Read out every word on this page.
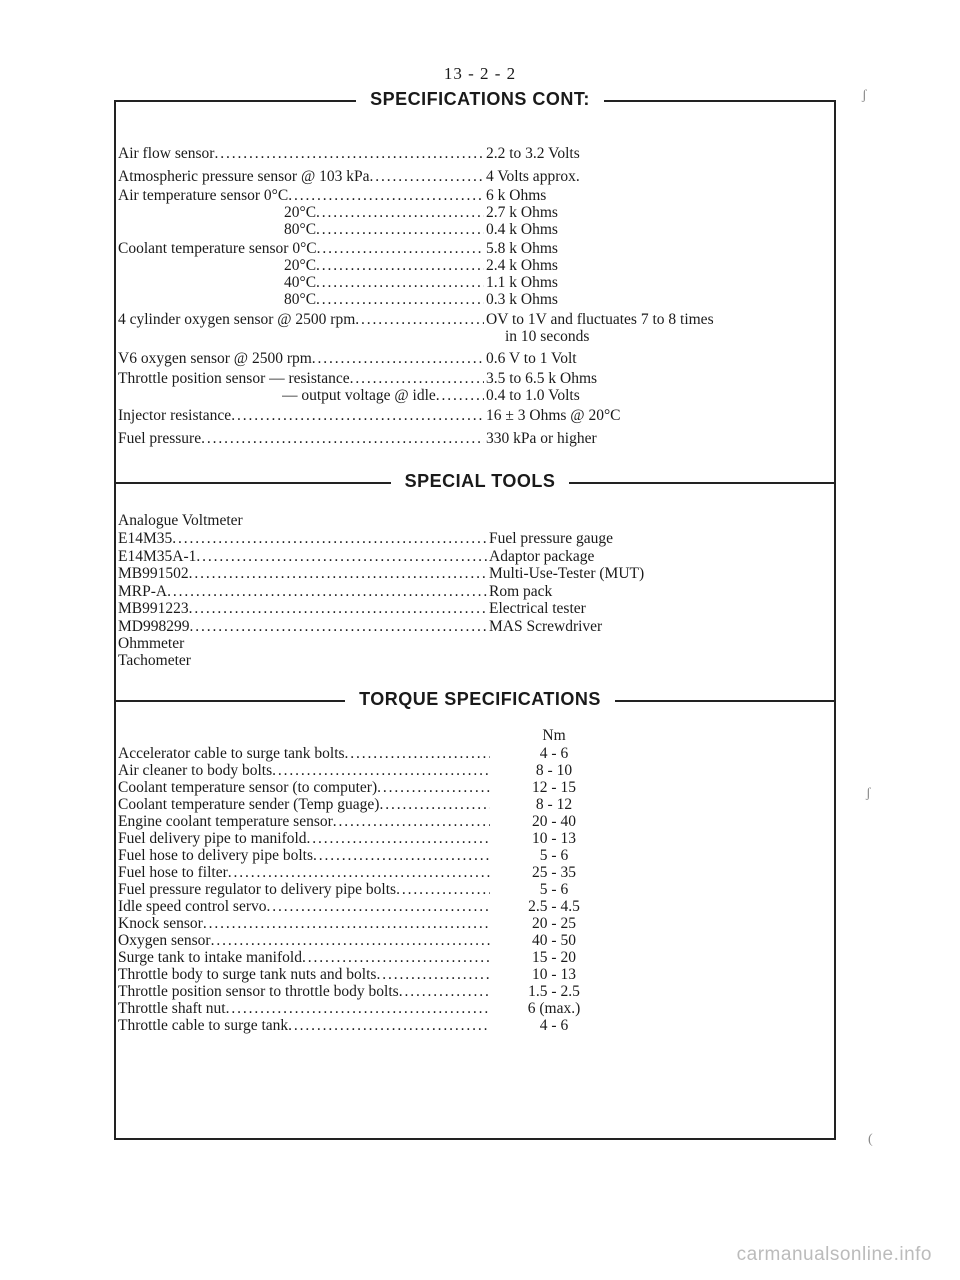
13 - 2 - 2
SPECIFICATIONS CONT:
Air flow sensor . . .	2.2 to 3.2 Volts
Atmospheric pressure sensor @ 103 kPa . . .	4 Volts approx.
Air temperature sensor 0°C . . .	6 k Ohms
20°C . . .	2.7 k Ohms
80°C . . .	0.4 k Ohms
Coolant temperature sensor 0°C . . .	5.8 k Ohms
20°C . . .	2.4 k Ohms
40°C . . .	1.1 k Ohms
80°C . . .	0.3 k Ohms
4 cylinder oxygen sensor @ 2500 rpm . . .	OV to 1V and fluctuates 7 to 8 times
in 10 seconds
V6 oxygen sensor @ 2500 rpm . . .	0.6 V to 1 Volt
Throttle position sensor — resistance . . .	3.5 to 6.5 k Ohms
— output voltage @ idle . . .	0.4 to 1.0 Volts
Injector resistance . . .	16 ± 3 Ohms @ 20°C
Fuel pressure . . .	330 kPa or higher
SPECIAL TOOLS
Analogue Voltmeter
E14M35 . . .	Fuel pressure gauge
E14M35A-1 . . .	Adaptor package
MB991502 . . .	Multi-Use-Tester (MUT)
MRP-A . . .	Rom pack
MB991223 . . .	Electrical tester
MD998299 . . .	MAS Screwdriver
Ohmmeter
Tachometer
TORQUE SPECIFICATIONS
Nm
Accelerator cable to surge tank bolts . . .	4 - 6
Air cleaner to body bolts . . .	8 - 10
Coolant temperature sensor (to computer) . . .	12 - 15
Coolant temperature sender (Temp guage) . . .	8 - 12
Engine coolant temperature sensor . . .	20 - 40
Fuel delivery pipe to manifold . . .	10 - 13
Fuel hose to delivery pipe bolts . . .	5 - 6
Fuel hose to filter . . .	25 - 35
Fuel pressure regulator to delivery pipe bolts . . .	5 - 6
Idle speed control servo . . .	2.5 - 4.5
Knock sensor . . .	20 - 25
Oxygen sensor . . .	40 - 50
Surge tank to intake manifold . . .	15 - 20
Throttle body to surge tank nuts and bolts . . .	10 - 13
Throttle position sensor to throttle body bolts . . .	1.5 - 2.5
Throttle shaft nut . . .	6 (max.)
Throttle cable to surge tank . . .	4 - 6
ʃ
ʃ
(
carmanualsonline.info
